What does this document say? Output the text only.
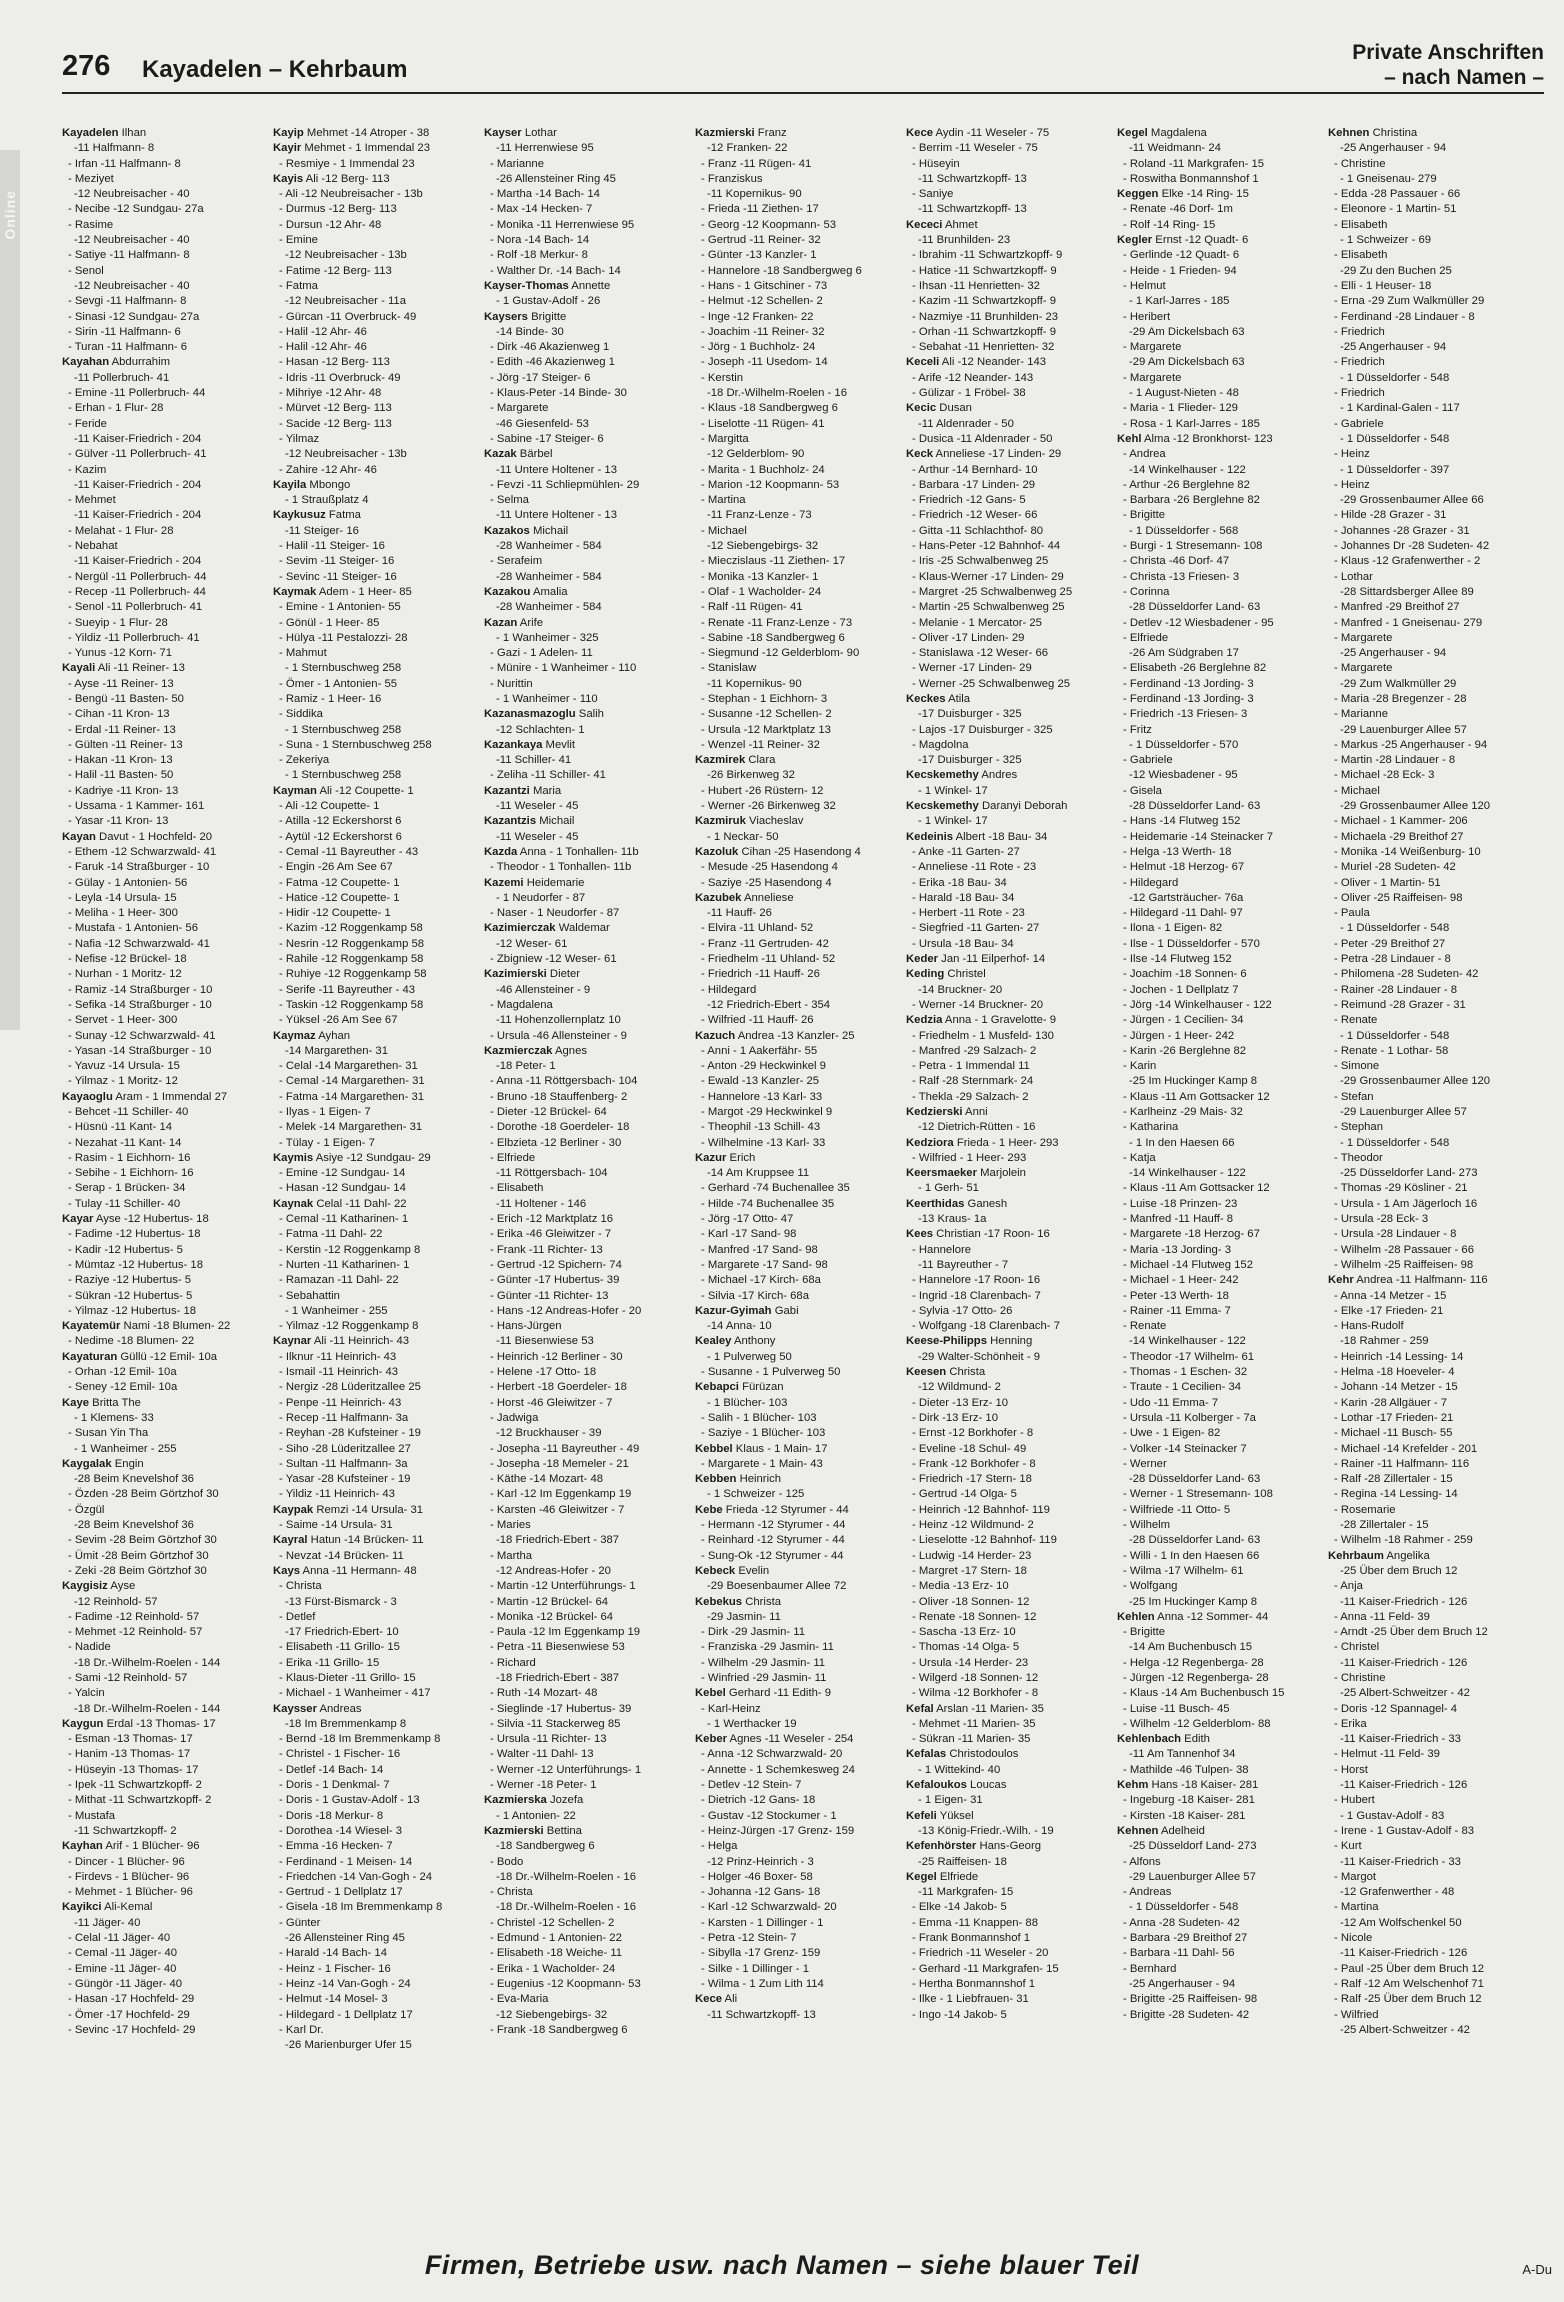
276 Kayadelen – Kehrbaum
Private Anschriften
– nach Namen –
Online
Kayadelen Ilhan
-11 Halfmann- 8
- Irfan -11 Halfmann- 8
- Meziyet
-12 Neubreisacher - 40
- Necibe -12 Sundgau- 27a
- Rasime
-12 Neubreisacher - 40
- Satiye -11 Halfmann- 8
- Senol
-12 Neubreisacher - 40
- Sevgi -11 Halfmann- 8
- Sinasi -12 Sundgau- 27a
- Sirin -11 Halfmann- 6
- Turan -11 Halfmann- 6
Kayahan Abdurrahim
-11 Pollerbruch- 41
- Emine -11 Pollerbruch- 44
- Erhan - 1 Flur- 28
- Feride
-11 Kaiser-Friedrich - 204
- Gülver -11 Pollerbruch- 41
- Kazim
-11 Kaiser-Friedrich - 204
- Mehmet
-11 Kaiser-Friedrich - 204
- Melahat - 1 Flur- 28
- Nebahat
-11 Kaiser-Friedrich - 204
- Nergül -11 Pollerbruch- 44
- Recep -11 Pollerbruch- 44
- Senol -11 Pollerbruch- 41
- Sueyip - 1 Flur- 28
- Yildiz -11 Pollerbruch- 41
- Yunus -12 Korn- 71
Kayali Ali -11 Reiner- 13
- Ayse -11 Reiner- 13
- Bengü -11 Basten- 50
- Cihan -11 Kron- 13
- Erdal -11 Reiner- 13
- Gülten -11 Reiner- 13
- Hakan -11 Kron- 13
- Halil -11 Basten- 50
- Kadriye -11 Kron- 13
- Ussama - 1 Kammer- 161
- Yasar -11 Kron- 13
Kayan Davut - 1 Hochfeld- 20
- Ethem -12 Schwarzwald- 41
- Faruk -14 Straßburger - 10
- Gülay - 1 Antonien- 56
- Leyla -14 Ursula- 15
- Meliha - 1 Heer- 300
- Mustafa - 1 Antonien- 56
- Nafia -12 Schwarzwald- 41
- Nefise -12 Brückel- 18
- Nurhan - 1 Moritz- 12
- Ramiz -14 Straßburger - 10
- Sefika -14 Straßburger - 10
- Servet - 1 Heer- 300
- Sunay -12 Schwarzwald- 41
- Yasan -14 Straßburger - 10
- Yavuz -14 Ursula- 15
- Yilmaz - 1 Moritz- 12
Kayaoglu Aram - 1 Immendal 27
- Behcet -11 Schiller- 40
- Hüsnü -11 Kant- 14
- Nezahat -11 Kant- 14
- Rasim - 1 Eichhorn- 16
- Sebihe - 1 Eichhorn- 16
- Serap - 1 Brücken- 34
- Tulay -11 Schiller- 40
Kayar Ayse -12 Hubertus- 18
- Fadime -12 Hubertus- 18
- Kadir -12 Hubertus- 5
- Mümtaz -12 Hubertus- 18
- Raziye -12 Hubertus- 5
- Sükran -12 Hubertus- 5
- Yilmaz -12 Hubertus- 18
Kayatemür Nami -18 Blumen- 22
- Nedime -18 Blumen- 22
Kayaturan Güllü -12 Emil- 10a
- Orhan -12 Emil- 10a
- Seney -12 Emil- 10a
Kaye Britta The
- 1 Klemens- 33
- Susan Yin Tha
- 1 Wanheimer - 255
Kaygalak Engin
-28 Beim Knevelshof 36
- Özden -28 Beim Görtzhof 30
- Özgül
-28 Beim Knevelshof 36
- Sevim -28 Beim Görtzhof 30
- Ümit -28 Beim Görtzhof 30
- Zeki -28 Beim Görtzhof 30
Kaygisiz Ayse
-12 Reinhold- 57
- Fadime -12 Reinhold- 57
- Mehmet -12 Reinhold- 57
- Nadide
-18 Dr.-Wilhelm-Roelen - 144
- Sami -12 Reinhold- 57
- Yalcin
-18 Dr.-Wilhelm-Roelen - 144
Kaygun Erdal -13 Thomas- 17
- Esman -13 Thomas- 17
- Hanim -13 Thomas- 17
- Hüseyin -13 Thomas- 17
- Ipek -11 Schwartzkopff- 2
- Mithat -11 Schwartzkopff- 2
- Mustafa
-11 Schwartzkopff- 2
Kayhan Arif - 1 Blücher- 96
- Dincer - 1 Blücher- 96
- Firdevs - 1 Blücher- 96
- Mehmet - 1 Blücher- 96
Kayikci Ali-Kemal
-11 Jäger- 40
- Celal -11 Jäger- 40
- Cemal -11 Jäger- 40
- Emine -11 Jäger- 40
- Güngör -11 Jäger- 40
- Hasan -17 Hochfeld- 29
- Ömer -17 Hochfeld- 29
- Sevinc -17 Hochfeld- 29
Kayip Mehmet -14 Atroper - 38
Kayir Mehmet - 1 Immendal 23
- Resmiye - 1 Immendal 23
Kayis Ali -12 Berg- 113
- Ali -12 Neubreisacher - 13b
- Durmus -12 Berg- 113
- Dursun -12 Ahr- 48
- Emine
-12 Neubreisacher - 13b
- Fatime -12 Berg- 113
- Fatma
-12 Neubreisacher - 11a
- Gürcan -11 Overbruck- 49
- Halil -12 Ahr- 46
- Halil -12 Ahr- 46
- Hasan -12 Berg- 113
- Idris -11 Overbruck- 49
- Mihriye -12 Ahr- 48
- Mürvet -12 Berg- 113
- Sacide -12 Berg- 113
- Yilmaz
-12 Neubreisacher - 13b
- Zahire -12 Ahr- 46
Kayila Mbongo
- 1 Straußplatz 4
Kaykusuz Fatma
-11 Steiger- 16
- Halil -11 Steiger- 16
- Sevim -11 Steiger- 16
- Sevinc -11 Steiger- 16
Kaymak Adem - 1 Heer- 85
- Emine - 1 Antonien- 55
- Gönül - 1 Heer- 85
- Hülya -11 Pestalozzi- 28
- Mahmut
- 1 Sternbuschweg 258
- Ömer - 1 Antonien- 55
- Ramiz - 1 Heer- 16
- Siddika
- 1 Sternbuschweg 258
- Suna - 1 Sternbuschweg 258
- Zekeriya
- 1 Sternbuschweg 258
Kayman Ali -12 Coupette- 1
- Ali -12 Coupette- 1
- Atilla -12 Eckershorst 6
- Aytül -12 Eckershorst 6
- Cemal -11 Bayreuther - 43
- Engin -26 Am See 67
- Fatma -12 Coupette- 1
- Hatice -12 Coupette- 1
- Hidir -12 Coupette- 1
- Kazim -12 Roggenkamp 58
- Nesrin -12 Roggenkamp 58
- Rahile -12 Roggenkamp 58
- Ruhiye -12 Roggenkamp 58
- Serife -11 Bayreuther - 43
- Taskin -12 Roggenkamp 58
- Yüksel -26 Am See 67
Kaymaz Ayhan
-14 Margarethen- 31
- Celal -14 Margarethen- 31
- Cemal -14 Margarethen- 31
- Fatma -14 Margarethen- 31
- Ilyas - 1 Eigen- 7
- Melek -14 Margarethen- 31
- Tülay - 1 Eigen- 7
Kaymis Asiye -12 Sundgau- 29
- Emine -12 Sundgau- 14
- Hasan -12 Sundgau- 14
Kaynak Celal -11 Dahl- 22
- Cemal -11 Katharinen- 1
- Fatma -11 Dahl- 22
- Kerstin -12 Roggenkamp 8
- Nurten -11 Katharinen- 1
- Ramazan -11 Dahl- 22
- Sebahattin
- 1 Wanheimer - 255
- Yilmaz -12 Roggenkamp 8
Kaynar Ali -11 Heinrich- 43
- Ilknur -11 Heinrich- 43
- Ismail -11 Heinrich- 43
- Nergiz -28 Lüderitzallee 25
- Penpe -11 Heinrich- 43
- Recep -11 Halfmann- 3a
- Reyhan -28 Kufsteiner - 19
- Siho -28 Lüderitzallee 27
- Sultan -11 Halfmann- 3a
- Yasar -28 Kufsteiner - 19
- Yildiz -11 Heinrich- 43
Kaypak Remzi -14 Ursula- 31
- Saime -14 Ursula- 31
Kayral Hatun -14 Brücken- 11
- Nevzat -14 Brücken- 11
Kays Anna -11 Hermann- 48
- Christa
-13 Fürst-Bismarck - 3
- Detlef
-17 Friedrich-Ebert- 10
- Elisabeth -11 Grillo- 15
- Erika -11 Grillo- 15
- Klaus-Dieter -11 Grillo- 15
- Michael - 1 Wanheimer - 417
Kaysser Andreas
-18 Im Bremmenkamp 8
- Bernd -18 Im Bremmenkamp 8
- Christel - 1 Fischer- 16
- Detlef -14 Bach- 14
- Doris - 1 Denkmal- 7
- Doris - 1 Gustav-Adolf - 13
- Doris -18 Merkur- 8
- Dorothea -14 Wiesel- 3
- Emma -16 Hecken- 7
- Ferdinand - 1 Meisen- 14
- Friedchen -14 Van-Gogh - 24
- Gertrud - 1 Dellplatz 17
- Gisela -18 Im Bremmenkamp 8
- Günter
-26 Allensteiner Ring 45
- Harald -14 Bach- 14
- Heinz - 1 Fischer- 16
- Heinz -14 Van-Gogh - 24
- Helmut -14 Mosel- 3
- Hildegard - 1 Dellplatz 17
- Karl Dr.
-26 Marienburger Ufer 15
Kayser Lothar
-11 Herrenwiese 95
- Marianne
-26 Allensteiner Ring 45
- Martha -14 Bach- 14
- Max -14 Hecken- 7
- Monika -11 Herrenwiese 95
- Nora -14 Bach- 14
- Rolf -18 Merkur- 8
- Walther Dr. -14 Bach- 14
Kayser-Thomas Annette
- 1 Gustav-Adolf - 26
Kaysers Brigitte
-14 Binde- 30
- Dirk -46 Akazienweg 1
- Edith -46 Akazienweg 1
- Jörg -17 Steiger- 6
- Klaus-Peter -14 Binde- 30
- Margarete
-46 Giesenfeld- 53
- Sabine -17 Steiger- 6
Kazak Bärbel
-11 Untere Holtener - 13
- Fevzi -11 Schliepmühlen- 29
- Selma
-11 Untere Holtener - 13
Kazakos Michail
-28 Wanheimer - 584
- Serafeim
-28 Wanheimer - 584
Kazakou Amalia
-28 Wanheimer - 584
Kazan Arife
- 1 Wanheimer - 325
- Gazi - 1 Adelen- 11
- Münire - 1 Wanheimer - 110
- Nurittin
- 1 Wanheimer - 110
Kazanasmazoglu Salih
-12 Schlachten- 1
Kazankaya Mevlit
-11 Schiller- 41
- Zeliha -11 Schiller- 41
Kazantzi Maria
-11 Weseler - 45
Kazantzis Michail
-11 Weseler - 45
Kazda Anna - 1 Tonhallen- 11b
- Theodor - 1 Tonhallen- 11b
Kazemi Heidemarie
- 1 Neudorfer - 87
- Naser - 1 Neudorfer - 87
Kazimierczak Waldemar
-12 Weser- 61
- Zbigniew -12 Weser- 61
Kazimierski Dieter
-46 Allensteiner - 9
- Magdalena
-11 Hohenzollernplatz 10
- Ursula -46 Allensteiner - 9
Kazmierczak Agnes
-18 Peter- 1
- Anna -11 Röttgersbach- 104
- Bruno -18 Stauffenberg- 2
- Dieter -12 Brückel- 64
- Dorothe -18 Goerdeler- 18
- Elbzieta -12 Berliner - 30
- Elfriede
-11 Röttgersbach- 104
- Elisabeth
-11 Holtener - 146
- Erich -12 Marktplatz 16
- Erika -46 Gleiwitzer - 7
- Frank -11 Richter- 13
- Gertrud -12 Spichern- 74
- Günter -17 Hubertus- 39
- Günter -11 Richter- 13
- Hans -12 Andreas-Hofer - 20
- Hans-Jürgen
-11 Biesenwiese 53
- Heinrich -12 Berliner - 30
- Helene -17 Otto- 18
- Herbert -18 Goerdeler- 18
- Horst -46 Gleiwitzer - 7
- Jadwiga
-12 Bruckhauser - 39
- Josepha -11 Bayreuther - 49
- Josepha -18 Memeler - 21
- Käthe -14 Mozart- 48
- Karl -12 Im Eggenkamp 19
- Karsten -46 Gleiwitzer - 7
- Maries
-18 Friedrich-Ebert - 387
- Martha
-12 Andreas-Hofer - 20
- Martin -12 Unterführungs- 1
- Martin -12 Brückel- 64
- Monika -12 Brückel- 64
- Paula -12 Im Eggenkamp 19
- Petra -11 Biesenwiese 53
- Richard
-18 Friedrich-Ebert - 387
- Ruth -14 Mozart- 48
- Sieglinde -17 Hubertus- 39
- Silvia -11 Stackerweg 85
- Ursula -11 Richter- 13
- Walter -11 Dahl- 13
- Werner -12 Unterführungs- 1
- Werner -18 Peter- 1
Kazmierska Jozefa
- 1 Antonien- 22
Kazmierski Bettina
-18 Sandbergweg 6
- Bodo
-18 Dr.-Wilhelm-Roelen - 16
- Christa
-18 Dr.-Wilhelm-Roelen - 16
- Christel -12 Schellen- 2
- Edmund - 1 Antonien- 22
- Elisabeth -18 Weiche- 11
- Erika - 1 Wacholder- 24
- Eugenius -12 Koopmann- 53
- Eva-Maria
-12 Siebengebirgs- 32
- Frank -18 Sandbergweg 6
Kazmierski Franz
-12 Franken- 22
- Franz -11 Rügen- 41
- Franziskus
-11 Kopernikus- 90
- Frieda -11 Ziethen- 17
- Georg -12 Koopmann- 53
- Gertrud -11 Reiner- 32
- Günter -13 Kanzler- 1
- Hannelore -18 Sandbergweg 6
- Hans - 1 Gitschiner - 73
- Helmut -12 Schellen- 2
- Inge -12 Franken- 22
- Joachim -11 Reiner- 32
- Jörg - 1 Buchholz- 24
- Joseph -11 Usedom- 14
- Kerstin
-18 Dr.-Wilhelm-Roelen - 16
- Klaus -18 Sandbergweg 6
- Liselotte -11 Rügen- 41
- Margitta
-12 Gelderblom- 90
- Marita - 1 Buchholz- 24
- Marion -12 Koopmann- 53
- Martina
-11 Franz-Lenze - 73
- Michael
-12 Siebengebirgs- 32
- Mieczislaus -11 Ziethen- 17
- Monika -13 Kanzler- 1
- Olaf - 1 Wacholder- 24
- Ralf -11 Rügen- 41
- Renate -11 Franz-Lenze - 73
- Sabine -18 Sandbergweg 6
- Siegmund -12 Gelderblom- 90
- Stanislaw
-11 Kopernikus- 90
- Stephan - 1 Eichhorn- 3
- Susanne -12 Schellen- 2
- Ursula -12 Marktplatz 13
- Wenzel -11 Reiner- 32
Kazmirek Clara
-26 Birkenweg 32
- Hubert -26 Rüstern- 12
- Werner -26 Birkenweg 32
Kazmiruk Viacheslav
- 1 Neckar- 50
Kazoluk Cihan -25 Hasendong 4
- Mesude -25 Hasendong 4
- Saziye -25 Hasendong 4
Kazubek Anneliese
-11 Hauff- 26
- Elvira -11 Uhland- 52
- Franz -11 Gertruden- 42
- Friedhelm -11 Uhland- 52
- Friedrich -11 Hauff- 26
- Hildegard
-12 Friedrich-Ebert - 354
- Wilfried -11 Hauff- 26
Kazuch Andrea -13 Kanzler- 25
- Anni - 1 Aakerfähr- 55
- Anton -29 Heckwinkel 9
- Ewald -13 Kanzler- 25
- Hannelore -13 Karl- 33
- Margot -29 Heckwinkel 9
- Theophil -13 Schill- 43
- Wilhelmine -13 Karl- 33
Kazur Erich
-14 Am Kruppsee 11
- Gerhard -74 Buchenallee 35
- Hilde -74 Buchenallee 35
- Jörg -17 Otto- 47
- Karl -17 Sand- 98
- Manfred -17 Sand- 98
- Margarete -17 Sand- 98
- Michael -17 Kirch- 68a
- Silvia -17 Kirch- 68a
Kazur-Gyimah Gabi
-14 Anna- 10
Kealey Anthony
- 1 Pulverweg 50
- Susanne - 1 Pulverweg 50
Kebapci Fürüzan
- 1 Blücher- 103
- Salih - 1 Blücher- 103
- Saziye - 1 Blücher- 103
Kebbel Klaus - 1 Main- 17
- Margarete - 1 Main- 43
Kebben Heinrich
- 1 Schweizer - 125
Kebe Frieda -12 Styrumer - 44
- Hermann -12 Styrumer - 44
- Reinhard -12 Styrumer - 44
- Sung-Ok -12 Styrumer - 44
Kebeck Evelin
-29 Boesenbaumer Allee 72
Kebekus Christa
-29 Jasmin- 11
- Dirk -29 Jasmin- 11
- Franziska -29 Jasmin- 11
- Wilhelm -29 Jasmin- 11
- Winfried -29 Jasmin- 11
Kebel Gerhard -11 Edith- 9
- Karl-Heinz
- 1 Werthacker 19
Keber Agnes -11 Weseler - 254
- Anna -12 Schwarzwald- 20
- Annette - 1 Schemkesweg 24
- Detlev -12 Stein- 7
- Dietrich -12 Gans- 18
- Gustav -12 Stockumer - 1
- Heinz-Jürgen -17 Grenz- 159
- Helga
-12 Prinz-Heinrich - 3
- Holger -46 Boxer- 58
- Johanna -12 Gans- 18
- Karl -12 Schwarzwald- 20
- Karsten - 1 Dillinger - 1
- Petra -12 Stein- 7
- Sibylla -17 Grenz- 159
- Silke - 1 Dillinger - 1
- Wilma - 1 Zum Lith 114
Kece Ali
-11 Schwartzkopff- 13
Kece Aydin -11 Weseler - 75
- Berrim -11 Weseler - 75
- Hüseyin
-11 Schwartzkopff- 13
- Saniye
-11 Schwartzkopff- 13
Kececi Ahmet
-11 Brunhilden- 23
- Ibrahim -11 Schwartzkopff- 9
- Hatice -11 Schwartzkopff- 9
- Ihsan -11 Henrietten- 32
- Kazim -11 Schwartzkopff- 9
- Nazmiye -11 Brunhilden- 23
- Orhan -11 Schwartzkopff- 9
- Sebahat -11 Henrietten- 32
Keceli Ali -12 Neander- 143
- Arife -12 Neander- 143
- Gülizar - 1 Fröbel- 38
Kecic Dusan
-11 Aldenrader - 50
- Dusica -11 Aldenrader - 50
Keck Anneliese -17 Linden- 29
- Arthur -14 Bernhard- 10
- Barbara -17 Linden- 29
- Friedrich -12 Gans- 5
- Friedrich -12 Weser- 66
- Gitta -11 Schlachthof- 80
- Hans-Peter -12 Bahnhof- 44
- Iris -25 Schwalbenweg 25
- Klaus-Werner -17 Linden- 29
- Margret -25 Schwalbenweg 25
- Martin -25 Schwalbenweg 25
- Melanie - 1 Mercator- 25
- Oliver -17 Linden- 29
- Stanislawa -12 Weser- 66
- Werner -17 Linden- 29
- Werner -25 Schwalbenweg 25
Keckes Atila
-17 Duisburger - 325
- Lajos -17 Duisburger - 325
- Magdolna
-17 Duisburger - 325
Kecskemethy Andres
- 1 Winkel- 17
Kecskemethy Daranyi Deborah
- 1 Winkel- 17
Kedeinis Albert -18 Bau- 34
- Anke -11 Garten- 27
- Anneliese -11 Rote - 23
- Erika -18 Bau- 34
- Harald -18 Bau- 34
- Herbert -11 Rote - 23
- Siegfried -11 Garten- 27
- Ursula -18 Bau- 34
Keder Jan -11 Eilperhof- 14
Keding Christel
-14 Bruckner- 20
- Werner -14 Bruckner- 20
Kedzia Anna - 1 Gravelotte- 9
- Friedhelm - 1 Musfeld- 130
- Manfred -29 Salzach- 2
- Petra - 1 Immendal 11
- Ralf -28 Sternmark- 24
- Thekla -29 Salzach- 2
Kedzierski Anni
-12 Dietrich-Rütten - 16
Kedziora Frieda - 1 Heer- 293
- Wilfried - 1 Heer- 293
Keersmaeker Marjolein
- 1 Gerh- 51
Keerthidas Ganesh
-13 Kraus- 1a
Kees Christian -17 Roon- 16
- Hannelore
-11 Bayreuther - 7
- Hannelore -17 Roon- 16
- Ingrid -18 Clarenbach- 7
- Sylvia -17 Otto- 26
- Wolfgang -18 Clarenbach- 7
Keese-Philipps Henning
-29 Walter-Schönheit - 9
Keesen Christa
-12 Wildmund- 2
- Dieter -13 Erz- 10
- Dirk -13 Erz- 10
- Ernst -12 Borkhofer - 8
- Eveline -18 Schul- 49
- Frank -12 Borkhofer - 8
- Friedrich -17 Stern- 18
- Gertrud -14 Olga- 5
- Heinrich -12 Bahnhof- 119
- Heinz -12 Wildmund- 2
- Lieselotte -12 Bahnhof- 119
- Ludwig -14 Herder- 23
- Margret -17 Stern- 18
- Media -13 Erz- 10
- Oliver -18 Sonnen- 12
- Renate -18 Sonnen- 12
- Sascha -13 Erz- 10
- Thomas -14 Olga- 5
- Ursula -14 Herder- 23
- Wilgerd -18 Sonnen- 12
- Wilma -12 Borkhofer - 8
Kefal Arslan -11 Marien- 35
- Mehmet -11 Marien- 35
- Sükran -11 Marien- 35
Kefalas Christodoulos
- 1 Wittekind- 40
Kefaloukos Loucas
- 1 Eigen- 31
Kefeli Yüksel
-13 König-Friedr.-Wilh. - 19
Kefenhörster Hans-Georg
-25 Raiffeisen- 18
Kegel Elfriede
-11 Markgrafen- 15
- Elke -14 Jakob- 5
- Emma -11 Knappen- 88
- Frank Bonmannshof 1
- Friedrich -11 Weseler - 20
- Gerhard -11 Markgrafen- 15
- Hertha Bonmannshof 1
- Ilke - 1 Liebfrauen- 31
- Ingo -14 Jakob- 5
Kegel Magdalena
-11 Weidmann- 24
- Roland -11 Markgrafen- 15
- Roswitha Bonmannshof 1
Keggen Elke -14 Ring- 15
- Renate -46 Dorf- 1m
- Rolf -14 Ring- 15
Kegler Ernst -12 Quadt- 6
- Gerlinde -12 Quadt- 6
- Heide - 1 Frieden- 94
- Helmut
- 1 Karl-Jarres - 185
- Heribert
-29 Am Dickelsbach 63
- Margarete
-29 Am Dickelsbach 63
- Margarete
- 1 August-Nieten - 48
- Maria - 1 Flieder- 129
- Rosa - 1 Karl-Jarres - 185
Kehl Alma -12 Bronkhorst- 123
- Andrea
-14 Winkelhauser - 122
- Arthur -26 Berglehne 82
- Barbara -26 Berglehne 82
- Brigitte
- 1 Düsseldorfer - 568
- Burgi - 1 Stresemann- 108
- Christa -46 Dorf- 47
- Christa -13 Friesen- 3
- Corinna
-28 Düsseldorfer Land- 63
- Detlev -12 Wiesbadener - 95
- Elfriede
-26 Am Südgraben 17
- Elisabeth -26 Berglehne 82
- Ferdinand -13 Jording- 3
- Ferdinand -13 Jording- 3
- Friedrich -13 Friesen- 3
- Fritz
- 1 Düsseldorfer - 570
- Gabriele
-12 Wiesbadener - 95
- Gisela
-28 Düsseldorfer Land- 63
- Hans -14 Flutweg 152
- Heidemarie -14 Steinacker 7
- Helga -13 Werth- 18
- Helmut -18 Herzog- 67
- Hildegard
-12 Gartsträucher- 76a
- Hildegard -11 Dahl- 97
- Ilona - 1 Eigen- 82
- Ilse - 1 Düsseldorfer - 570
- Ilse -14 Flutweg 152
- Joachim -18 Sonnen- 6
- Jochen - 1 Dellplatz 7
- Jörg -14 Winkelhauser - 122
- Jürgen - 1 Cecilien- 34
- Jürgen - 1 Heer- 242
- Karin -26 Berglehne 82
- Karin
-25 Im Huckinger Kamp 8
- Klaus -11 Am Gottsacker 12
- Karlheinz -29 Mais- 32
- Katharina
- 1 In den Haesen 66
- Katja
-14 Winkelhauser - 122
- Klaus -11 Am Gottsacker 12
- Luise -18 Prinzen- 23
- Manfred -11 Hauff- 8
- Margarete -18 Herzog- 67
- Maria -13 Jording- 3
- Michael -14 Flutweg 152
- Michael - 1 Heer- 242
- Peter -13 Werth- 18
- Rainer -11 Emma- 7
- Renate
-14 Winkelhauser - 122
- Theodor -17 Wilhelm- 61
- Thomas - 1 Eschen- 32
- Traute - 1 Cecilien- 34
- Udo -11 Emma- 7
- Ursula -11 Kolberger - 7a
- Uwe - 1 Eigen- 82
- Volker -14 Steinacker 7
- Werner
-28 Düsseldorfer Land- 63
- Werner - 1 Stresemann- 108
- Wilfriede -11 Otto- 5
- Wilhelm
-28 Düsseldorfer Land- 63
- Willi - 1 In den Haesen 66
- Wilma -17 Wilhelm- 61
- Wolfgang
-25 Im Huckinger Kamp 8
Kehlen Anna -12 Sommer- 44
- Brigitte
-14 Am Buchenbusch 15
- Helga -12 Regenberga- 28
- Jürgen -12 Regenberga- 28
- Klaus -14 Am Buchenbusch 15
- Luise -11 Busch- 45
- Wilhelm -12 Gelderblom- 88
Kehlenbach Edith
-11 Am Tannenhof 34
- Mathilde -46 Tulpen- 38
Kehm Hans -18 Kaiser- 281
- Ingeburg -18 Kaiser- 281
- Kirsten -18 Kaiser- 281
Kehnen Adelheid
-25 Düsseldorf Land- 273
- Alfons
-29 Lauenburger Allee 57
- Andreas
- 1 Düsseldorfer - 548
- Anna -28 Sudeten- 42
- Barbara -29 Breithof 27
- Barbara -11 Dahl- 56
- Bernhard
-25 Angerhauser - 94
- Brigitte -25 Raiffeisen- 98
- Brigitte -28 Sudeten- 42
Kehnen Christina
-25 Angerhauser - 94
- Christine
- 1 Gneisenau- 279
- Edda -28 Passauer - 66
- Eleonore - 1 Martin- 51
- Elisabeth
- 1 Schweizer - 69
- Elisabeth
-29 Zu den Buchen 25
- Elli - 1 Heuser- 18
- Erna -29 Zum Walkmüller 29
- Ferdinand -28 Lindauer - 8
- Friedrich
-25 Angerhauser - 94
- Friedrich
- 1 Düsseldorfer - 548
- Friedrich
- 1 Kardinal-Galen - 117
- Gabriele
- 1 Düsseldorfer - 548
- Heinz
- 1 Düsseldorfer - 397
- Heinz
-29 Grossenbaumer Allee 66
- Hilde -28 Grazer - 31
- Johannes -28 Grazer - 31
- Johannes Dr -28 Sudeten- 42
- Klaus -12 Grafenwerther - 2
- Lothar
-28 Sittardsberger Allee 89
- Manfred -29 Breithof 27
- Manfred - 1 Gneisenau- 279
- Margarete
-25 Angerhauser - 94
- Margarete
-29 Zum Walkmüller 29
- Maria -28 Bregenzer - 28
- Marianne
-29 Lauenburger Allee 57
- Markus -25 Angerhauser - 94
- Martin -28 Lindauer - 8
- Michael -28 Eck- 3
- Michael
-29 Grossenbaumer Allee 120
- Michael - 1 Kammer- 206
- Michaela -29 Breithof 27
- Monika -14 Weißenburg- 10
- Muriel -28 Sudeten- 42
- Oliver - 1 Martin- 51
- Oliver -25 Raiffeisen- 98
- Paula
- 1 Düsseldorfer - 548
- Peter -29 Breithof 27
- Petra -28 Lindauer - 8
- Philomena -28 Sudeten- 42
- Rainer -28 Lindauer - 8
- Reimund -28 Grazer - 31
- Renate
- 1 Düsseldorfer - 548
- Renate - 1 Lothar- 58
- Simone
-29 Grossenbaumer Allee 120
- Stefan
-29 Lauenburger Allee 57
- Stephan
- 1 Düsseldorfer - 548
- Theodor
-25 Düsseldorfer Land- 273
- Thomas -29 Kösliner - 21
- Ursula - 1 Am Jägerloch 16
- Ursula -28 Eck- 3
- Ursula -28 Lindauer - 8
- Wilhelm -28 Passauer - 66
- Wilhelm -25 Raiffeisen- 98
Kehr Andrea -11 Halfmann- 116
- Anna -14 Metzer - 15
- Elke -17 Frieden- 21
- Hans-Rudolf
-18 Rahmer - 259
- Heinrich -14 Lessing- 14
- Helma -18 Hoeveler- 4
- Johann -14 Metzer - 15
- Karin -28 Allgäuer - 7
- Lothar -17 Frieden- 21
- Michael -11 Busch- 55
- Michael -14 Krefelder - 201
- Rainer -11 Halfmann- 116
- Ralf -28 Zillertaler - 15
- Regina -14 Lessing- 14
- Rosemarie
-28 Zillertaler - 15
- Wilhelm -18 Rahmer - 259
Kehrbaum Angelika
-25 Über dem Bruch 12
- Anja
-11 Kaiser-Friedrich - 126
- Anna -11 Feld- 39
- Arndt -25 Über dem Bruch 12
- Christel
-11 Kaiser-Friedrich - 126
- Christine
-25 Albert-Schweitzer - 42
- Doris -12 Spannagel- 4
- Erika
-11 Kaiser-Friedrich - 33
- Helmut -11 Feld- 39
- Horst
-11 Kaiser-Friedrich - 126
- Hubert
- 1 Gustav-Adolf - 83
- Irene - 1 Gustav-Adolf - 83
- Kurt
-11 Kaiser-Friedrich - 33
- Margot
-12 Grafenwerther - 48
- Martina
-12 Am Wolfschenkel 50
- Nicole
-11 Kaiser-Friedrich - 126
- Paul -25 Über dem Bruch 12
- Ralf -12 Am Welschenhof 71
- Ralf -25 Über dem Bruch 12
- Wilfried
-25 Albert-Schweitzer - 42
Firmen, Betriebe usw. nach Namen – siehe blauer Teil	A-Du
